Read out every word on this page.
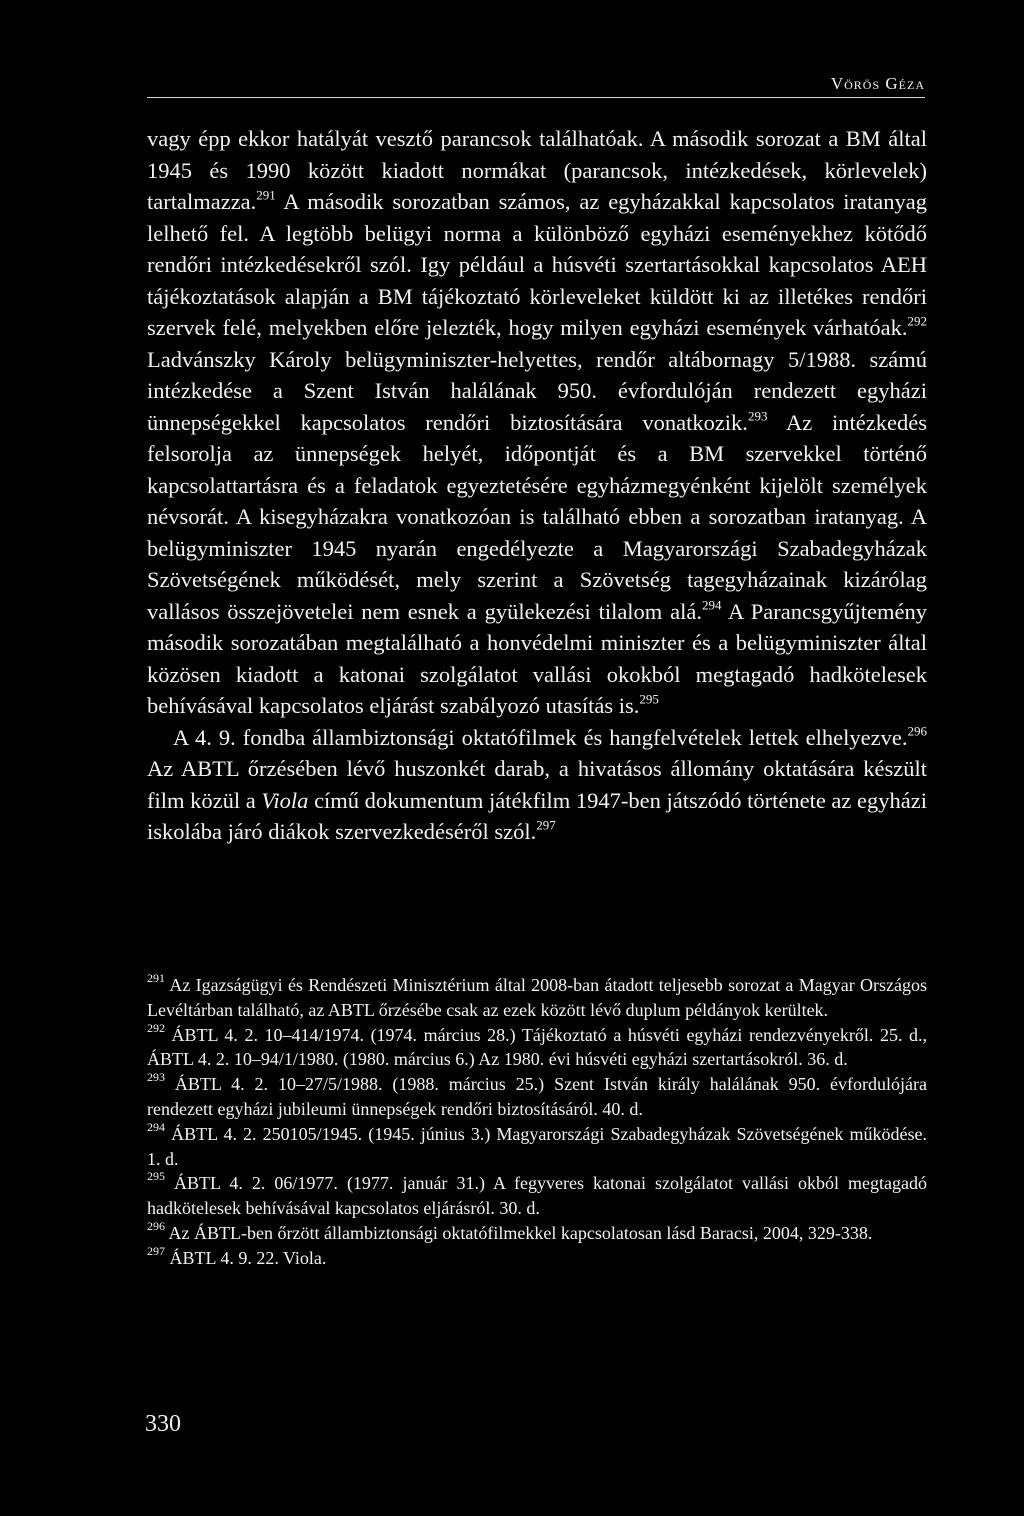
Vörös Géza

vagy épp ekkor hatályát vesztő parancsok találhatóak. A második sorozat a BM által 1945 és 1990 között kiadott normákat (parancsok, intézkedések, körlevelek) tartalmazza.$^{291}$ A második sorozatban számos, az egyházakkal kapcsolatos iratanyag lelhető fel. A legtöbb belügyi norma a különböző egyházi eseményekhez kötődő rendőri intézkedésekről szól. Igy például a húsvéti szertartásokkal kapcsolatos AEH tájékoztatások alapján a BM tájékoztató körleveleket küldött ki az illetékes rendőri szervek felé, melyekben előre jelezték, hogy milyen egyházi események várhatóak.$^{292}$ Ladvánszky Károly belügyminiszter-helyettes, rendőr altábornagy 5/1988. számú intézkedése a Szent István halálának 950. évfordulóján rendezett egyházi ünnepségekkel kapcsolatos rendőri biztosítására vonatkozik.$^{293}$ Az intézkedés felsorolja az ünnepségek helyét, időpontját és a BM szervekkel történő kapcsolattartásra és a feladatok egyeztetésére egyházmegyénként kijelölt személyek névsorát. A kisegyházakra vonatkozóan is található ebben a sorozatban iratanyag. A belügyminiszter 1945 nyarán engedélyezte a Magyarországi Szabadegyházak Szövetségének működését, mely szerint a Szövetség tagegyházainak kizárólag vallásos összejövetelei nem esnek a gyülekezési tilalom alá.$^{294}$ A Parancsgyűjtemény második sorozatában megtalálható a honvédelmi miniszter és a belügyminiszter által közösen kiadott a katonai szolgálatot vallási okokból megtagadó hadkötelesek behívásával kapcsolatos eljárást szabályozó utasítás is.$^{295}$

A 4. 9. fondba állambiztonsági oktatófilmek és hangfelvételek lettek elhelyezve.$^{296}$ Az ABTL őrzésében lévő huszonkét darab, a hivatásos állomány oktatására készült film közül a Viola című dokumentum játékfilm 1947-ben játszódó története az egyházi iskolába járó diákok szervezkedéséről szól.$^{297}$

$^{291}$ Az Igazságügyi és Rendészeti Minisztérium által 2008-ban átadott teljesebb sorozat a Magyar Országos Levéltárban található, az ABTL őrzésébe csak az ezek között lévő duplum példányok kerültek.

$^{292}$ ÁBTL 4. 2. 10–414/1974. (1974. március 28.) Tájékoztató a húsvéti egyházi rendezvényekről. 25. d., ÁBTL 4. 2. 10–94/1/1980. (1980. március 6.) Az 1980. évi húsvéti egyházi szertartásokról. 36. d.

$^{293}$ ÁBTL 4. 2. 10–27/5/1988. (1988. március 25.) Szent István király halálának 950. évfordulójára rendezett egyházi jubileumi ünnepségek rendőri biztosításáról. 40. d.

$^{294}$ ÁBTL 4. 2. 250105/1945. (1945. június 3.) Magyarországi Szabadegyházak Szövetségének működése. 1. d.

$^{295}$ ÁBTL 4. 2. 06/1977. (1977. január 31.) A fegyveres katonai szolgálatot vallási okból megtagadó hadkötelesek behívásával kapcsolatos eljárásról. 30. d.

$^{296}$ Az ÁBTL-ben őrzött állambiztonsági oktatófilmekkel kapcsolatosan lásd Baracsi, 2004, 329-338.

$^{297}$ ÁBTL 4. 9. 22. Viola.

330
